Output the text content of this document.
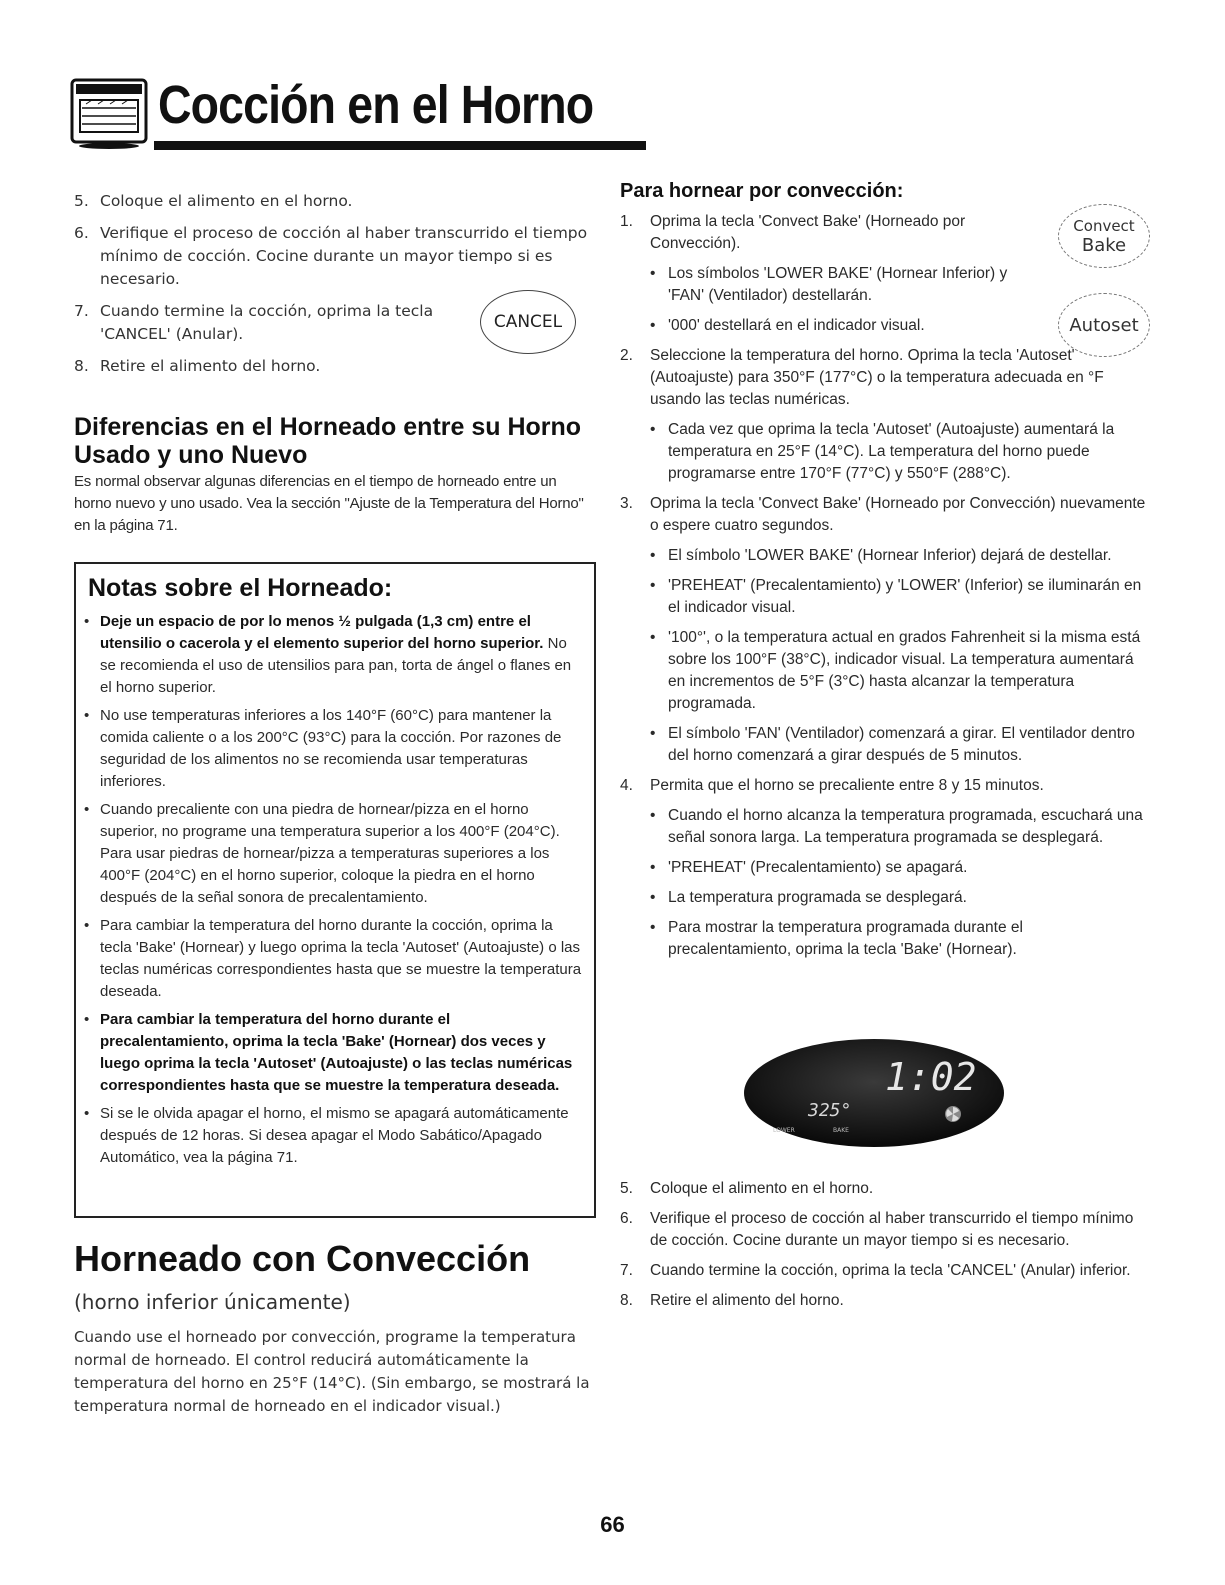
Cocción en el Horno
5. Coloque el alimento en el horno.
6. Verifique el proceso de cocción al haber transcurrido el tiempo mínimo de cocción. Cocine durante un mayor tiempo si es necesario.
7. Cuando termine la cocción, oprima la tecla 'CANCEL' (Anular).
8. Retire el alimento del horno.
CANCEL
Diferencias en el Horneado entre su Horno Usado y uno Nuevo
Es normal observar algunas diferencias en el tiempo de horneado entre un horno nuevo y uno usado. Vea la sección "Ajuste de la Temperatura del Horno" en la página 71.
Notas sobre el Horneado:
• Deje un espacio de por lo menos ½ pulgada (1,3 cm) entre el utensilio o cacerola y el elemento superior del horno superior. No se recomienda el uso de utensilios para pan, torta de ángel o flanes en el horno superior.
• No use temperaturas inferiores a los 140°F (60°C) para mantener la comida caliente o a los 200°C (93°C) para la cocción. Por razones de seguridad de los alimentos no se recomienda usar temperaturas inferiores.
• Cuando precaliente con una piedra de hornear/pizza en el horno superior, no programe una temperatura superior a los 400°F (204°C). Para usar piedras de hornear/pizza a temperaturas superiores a los 400°F (204°C) en el horno superior, coloque la piedra en el horno después de la señal sonora de precalentamiento.
• Para cambiar la temperatura del horno durante la cocción, oprima la tecla 'Bake' (Hornear) y luego oprima la tecla 'Autoset' (Autoajuste) o las teclas numéricas correspondientes hasta que se muestre la temperatura deseada.
• Para cambiar la temperatura del horno durante el precalentamiento, oprima la tecla 'Bake' (Hornear) dos veces y luego oprima la tecla 'Autoset' (Autoajuste) o las teclas numéricas correspondientes hasta que se muestre la temperatura deseada.
• Si se le olvida apagar el horno, el mismo se apagará automáticamente después de 12 horas. Si desea apagar el Modo Sabático/Apagado Automático, vea la página 71.
Horneado con Convección
(horno inferior únicamente)
Cuando use el horneado por convección, programe la temperatura normal de horneado. El control reducirá automáticamente la temperatura del horno en 25°F (14°C). (Sin embargo, se mostrará la temperatura normal de horneado en el indicador visual.)
Para hornear por convección:
1.	Oprima la tecla 'Convect Bake' (Horneado por Convección).
• Los símbolos 'LOWER BAKE' (Hornear Inferior) y 'FAN' (Ventilador) destellarán.
• '000' destellará en el indicador visual.
2.	Seleccione la temperatura del horno. Oprima la tecla 'Autoset' (Autoajuste) para 350°F (177°C) o la temperatura adecuada en °F usando las teclas numéricas.
• Cada vez que oprima la tecla 'Autoset' (Autoajuste) aumentará la temperatura en 25°F (14°C). La temperatura del horno puede programarse entre 170°F (77°C) y 550°F (288°C).
3.	Oprima la tecla 'Convect Bake' (Horneado por Convección) nuevamente o espere cuatro segundos.
• El símbolo 'LOWER BAKE' (Hornear Inferior) dejará de destellar.
• 'PREHEAT' (Precalentamiento) y 'LOWER' (Inferior) se iluminarán en el indicador visual.
• '100°', o la temperatura actual en grados Fahrenheit si la misma está sobre los 100°F (38°C), indicador visual. La temperatura aumentará en incrementos de 5°F (3°C) hasta alcanzar la temperatura programada.
• El símbolo 'FAN' (Ventilador) comenzará a girar. El ventilador dentro del horno comenzará a girar después de 5 minutos.
4.	Permita que el horno se precaliente entre 8 y 15 minutos.
• Cuando el horno alcanza la temperatura programada, escuchará una señal sonora larga. La temperatura programada se desplegará.
• 'PREHEAT' (Precalentamiento) se apagará.
• La temperatura programada se desplegará.
• Para mostrar la temperatura programada durante el precalentamiento, oprima la tecla 'Bake' (Hornear).
Convect
Bake
Autoset
1:02
325°
LOWER	BAKE
5.	Coloque el alimento en el horno.
6.	Verifique el proceso de cocción al haber transcurrido el tiempo mínimo de cocción. Cocine durante un mayor tiempo si es necesario.
7.	Cuando termine la cocción, oprima la tecla 'CANCEL' (Anular) inferior.
8.	Retire el alimento del horno.
66
